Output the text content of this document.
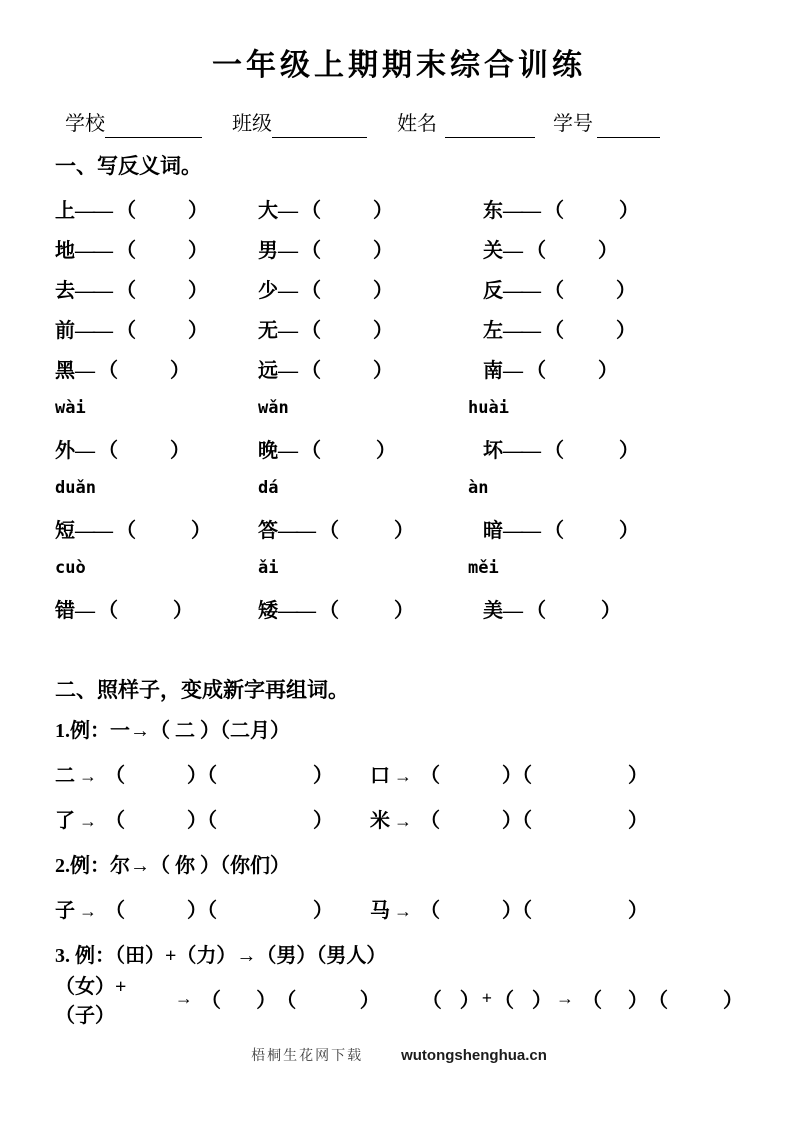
一年级上期期末综合训练
学校	班级	姓名	学号
一、写反义词。
上—— （	）	大— （	）	东—— （	）
地—— （	）	男— （	）	关— （	）
去—— （	）	少— （	）	反—— （	）
前—— （	）	无— （	）	左—— （	）
黑— （	）	远— （	）	南— （	）
wài	wǎn	huài
外— （	）	晚— （	）	坏—— （	）
duǎn	dá	àn
短—— （	）	答—— （	）	暗—— （	）
cuò	ǎi	měi
错— （	）	矮—— （	）	美— （	）
二、照样子，变成新字再组词。
1.例：一→（ 二 ）（二月）
二 → （	）（	）	口 → （	）（	）
了 → （	）（	）	米 → （	）（	）
2.例：尔→（ 你 ）（你们）
子 → （	）（	）	马 → （	）（	）
3. 例：（田）+（力）→（男）（男人）
（女）+（子）
→ （ ） （	） （ ） + （ ） → （ ） （	）
梧桐生花网下载	wutongshenghua.cn
